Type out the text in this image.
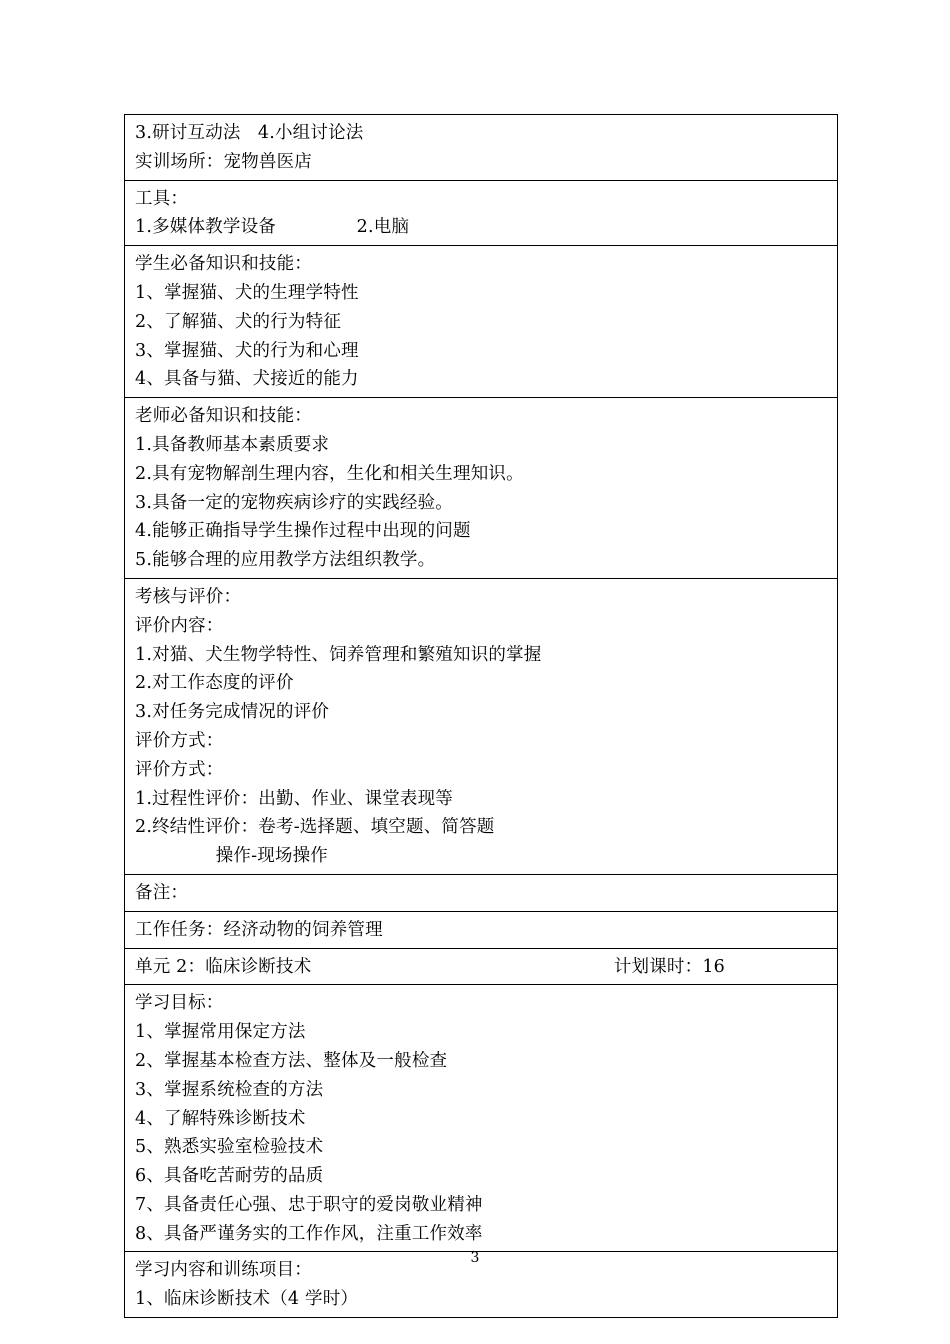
3.研讨互动法   4.小组讨论法
实训场所：宠物兽医店
工具：
1.多媒体教学设备              2.电脑
学生必备知识和技能：
1、掌握猫、犬的生理学特性
2、了解猫、犬的行为特征
3、掌握猫、犬的行为和心理
4、具备与猫、犬接近的能力
老师必备知识和技能：
1.具备教师基本素质要求
2.具有宠物解剖生理内容，生化和相关生理知识。
3.具备一定的宠物疾病诊疗的实践经验。
4.能够正确指导学生操作过程中出现的问题
5.能够合理的应用教学方法组织教学。
考核与评价：
评价内容：
1.对猫、犬生物学特性、饲养管理和繁殖知识的掌握
2.对工作态度的评价
3.对任务完成情况的评价
评价方式：
评价方式：
1.过程性评价：出勤、作业、课堂表现等
2.终结性评价：卷考-选择题、填空题、简答题
操作-现场操作
备注：
工作任务：经济动物的饲养管理
单元 2：临床诊断技术	计划课时：16
学习目标：
1、掌握常用保定方法
2、掌握基本检查方法、整体及一般检查
3、掌握系统检查的方法
4、了解特殊诊断技术
5、熟悉实验室检验技术
6、具备吃苦耐劳的品质
7、具备责任心强、忠于职守的爱岗敬业精神
8、具备严谨务实的工作作风，注重工作效率
学习内容和训练项目：
1、临床诊断技术（4 学时）
3
